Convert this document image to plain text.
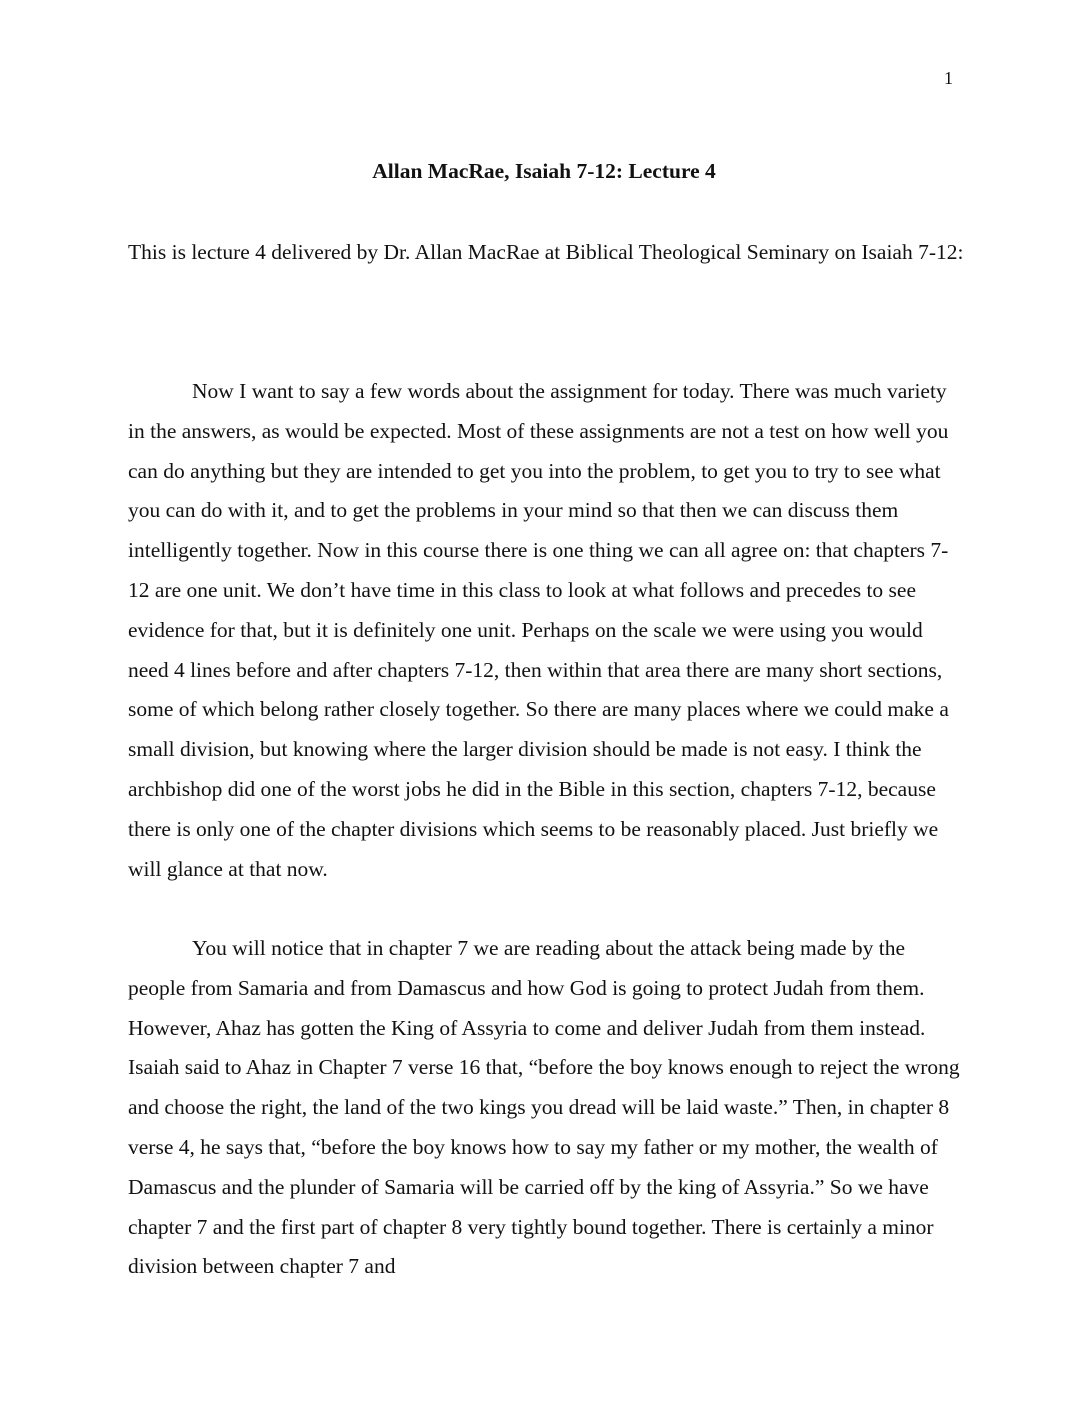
1
Allan MacRae, Isaiah 7-12: Lecture 4

This is lecture 4 delivered by Dr. Allan MacRae at Biblical Theological Seminary on Isaiah 7-12:

Now I want to say a few words about the assignment for today. There was much variety in the answers, as would be expected. Most of these assignments are not a test on how well you can do anything but they are intended to get you into the problem, to get you to try to see what you can do with it, and to get the problems in your mind so that then we can discuss them intelligently together. Now in this course there is one thing we can all agree on: that chapters 7-12 are one unit. We don’t have time in this class to look at what follows and precedes to see evidence for that, but it is definitely one unit. Perhaps on the scale we were using you would need 4 lines before and after chapters 7-12, then within that area there are many short sections, some of which belong rather closely together. So there are many places where we could make a small division, but knowing where the larger division should be made is not easy. I think the archbishop did one of the worst jobs he did in the Bible in this section, chapters 7-12, because there is only one of the chapter divisions which seems to be reasonably placed. Just briefly we will glance at that now.

You will notice that in chapter 7 we are reading about the attack being made by the people from Samaria and from Damascus and how God is going to protect Judah from them. However, Ahaz has gotten the King of Assyria to come and deliver Judah from them instead. Isaiah said to Ahaz in Chapter 7 verse 16 that, “before the boy knows enough to reject the wrong and choose the right, the land of the two kings you dread will be laid waste.” Then, in chapter 8 verse 4, he says that, “before the boy knows how to say my father or my mother, the wealth of Damascus and the plunder of Samaria will be carried off by the king of Assyria.” So we have chapter 7 and the first part of chapter 8 very tightly bound together. There is certainly a minor division between chapter 7 and
